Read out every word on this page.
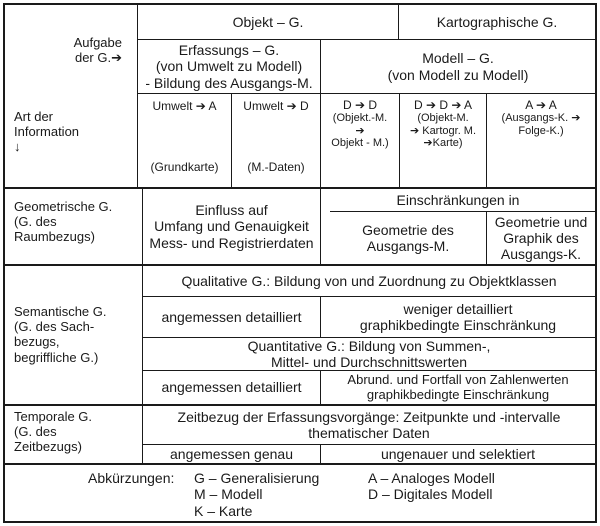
Aufgabe
der G.➔
Art der
Information
↓
Objekt – G.	Kartographische G.
Erfassungs – G.
(von Umwelt zu Modell)
- Bildung des Ausgangs-M.
Modell – G.
(von Modell zu Modell)
Umwelt ➔ A
(Grundkarte)
Umwelt ➔ D
(M.-Daten)
D ➔ D
(Objekt.-M.
➔
Objekt - M.)
D ➔ D ➔ A
(Objekt-M.
➔ Kartogr. M.
➔Karte)
A ➔ A
(Ausgangs-K. ➔
Folge-K.)
Geometrische G.
(G. des
Raumbezugs)
Einfluss auf
Umfang und Genauigkeit
Mess- und Registrierdaten
Einschränkungen in
Geometrie des
Ausgangs-M.
Geometrie und
Graphik des
Ausgangs-K.
Semantische G.
(G. des Sach-
bezugs,
begriffliche G.)
Qualitative G.: Bildung von und Zuordnung zu Objektklassen
angemessen detailliert
weniger detailliert
graphikbedingte Einschränkung
Quantitative G.: Bildung von Summen-,
Mittel- und Durchschnittswerten
angemessen detailliert
Abrund. und Fortfall von Zahlenwerten
graphikbedingte Einschränkung
Temporale G.
(G. des
Zeitbezugs)
Zeitbezug der Erfassungsvorgänge: Zeitpunkte und -intervalle
thematischer Daten
angemessen genau	ungenauer und selektiert
Abkürzungen: G – Generalisierung
M – Modell
K – Karte
A – Analoges Modell
D – Digitales Modell
